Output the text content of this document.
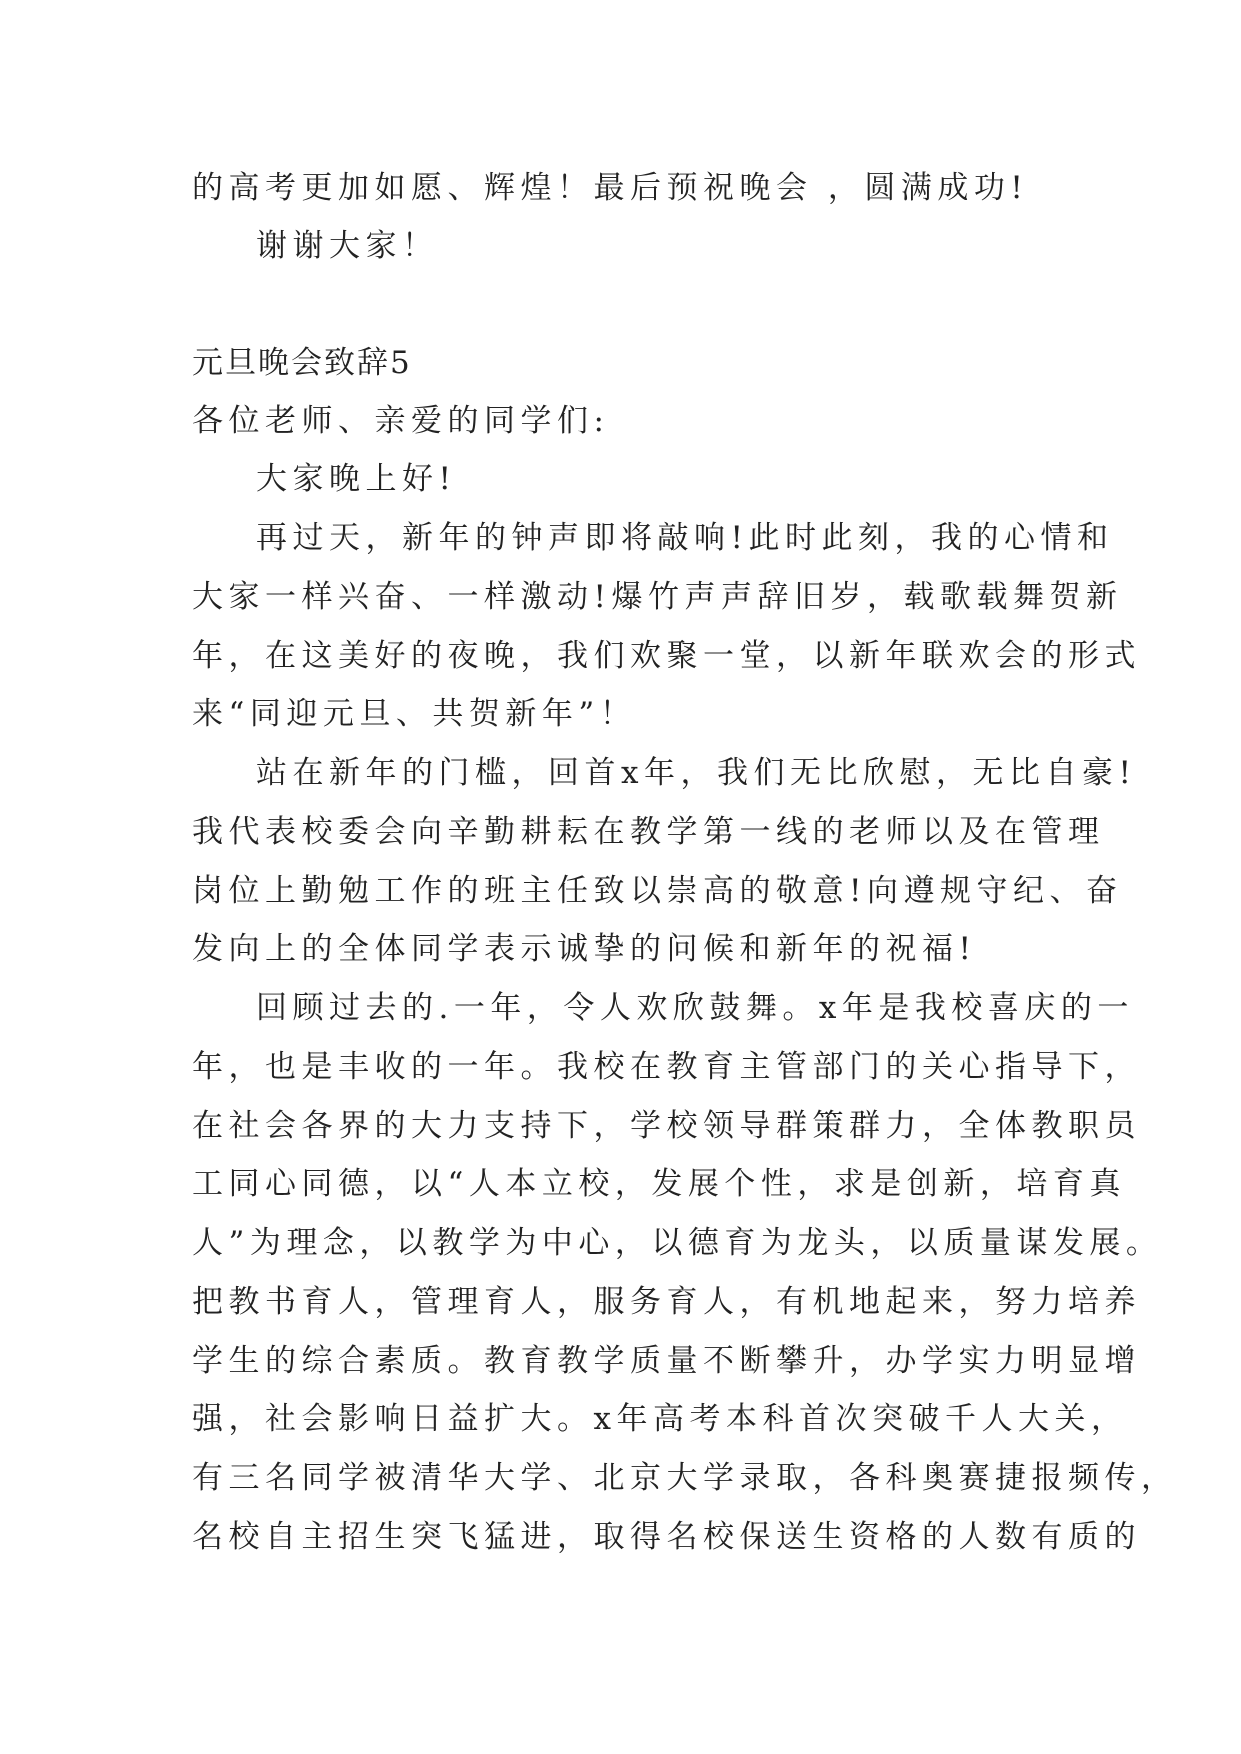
的高考更加如愿、辉煌！最后预祝晚会 ，圆满成功!
谢谢大家！
元旦晚会致辞5
各位老师、亲爱的同学们:
大家晚上好!
再过天，新年的钟声即将敲响!此时此刻，我的心情和
大家一样兴奋、一样激动!爆竹声声辞旧岁，载歌载舞贺新
年，在这美好的夜晚，我们欢聚一堂，以新年联欢会的形式
来“同迎元旦、共贺新年”！
站在新年的门槛，回首x年，我们无比欣慰，无比自豪!
我代表校委会向辛勤耕耘在教学第一线的老师以及在管理
岗位上勤勉工作的班主任致以崇高的敬意!向遵规守纪、奋
发向上的全体同学表示诚挚的问候和新年的祝福!
回顾过去的.一年，令人欢欣鼓舞。x年是我校喜庆的一
年，也是丰收的一年。我校在教育主管部门的关心指导下，
在社会各界的大力支持下，学校领导群策群力，全体教职员
工同心同德，以“人本立校，发展个性，求是创新，培育真
人”为理念，以教学为中心，以德育为龙头，以质量谋发展。
把教书育人，管理育人，服务育人，有机地起来，努力培养
学生的综合素质。教育教学质量不断攀升，办学实力明显增
强，社会影响日益扩大。x年高考本科首次突破千人大关，
有三名同学被清华大学、北京大学录取，各科奥赛捷报频传，
名校自主招生突飞猛进，取得名校保送生资格的人数有质的
